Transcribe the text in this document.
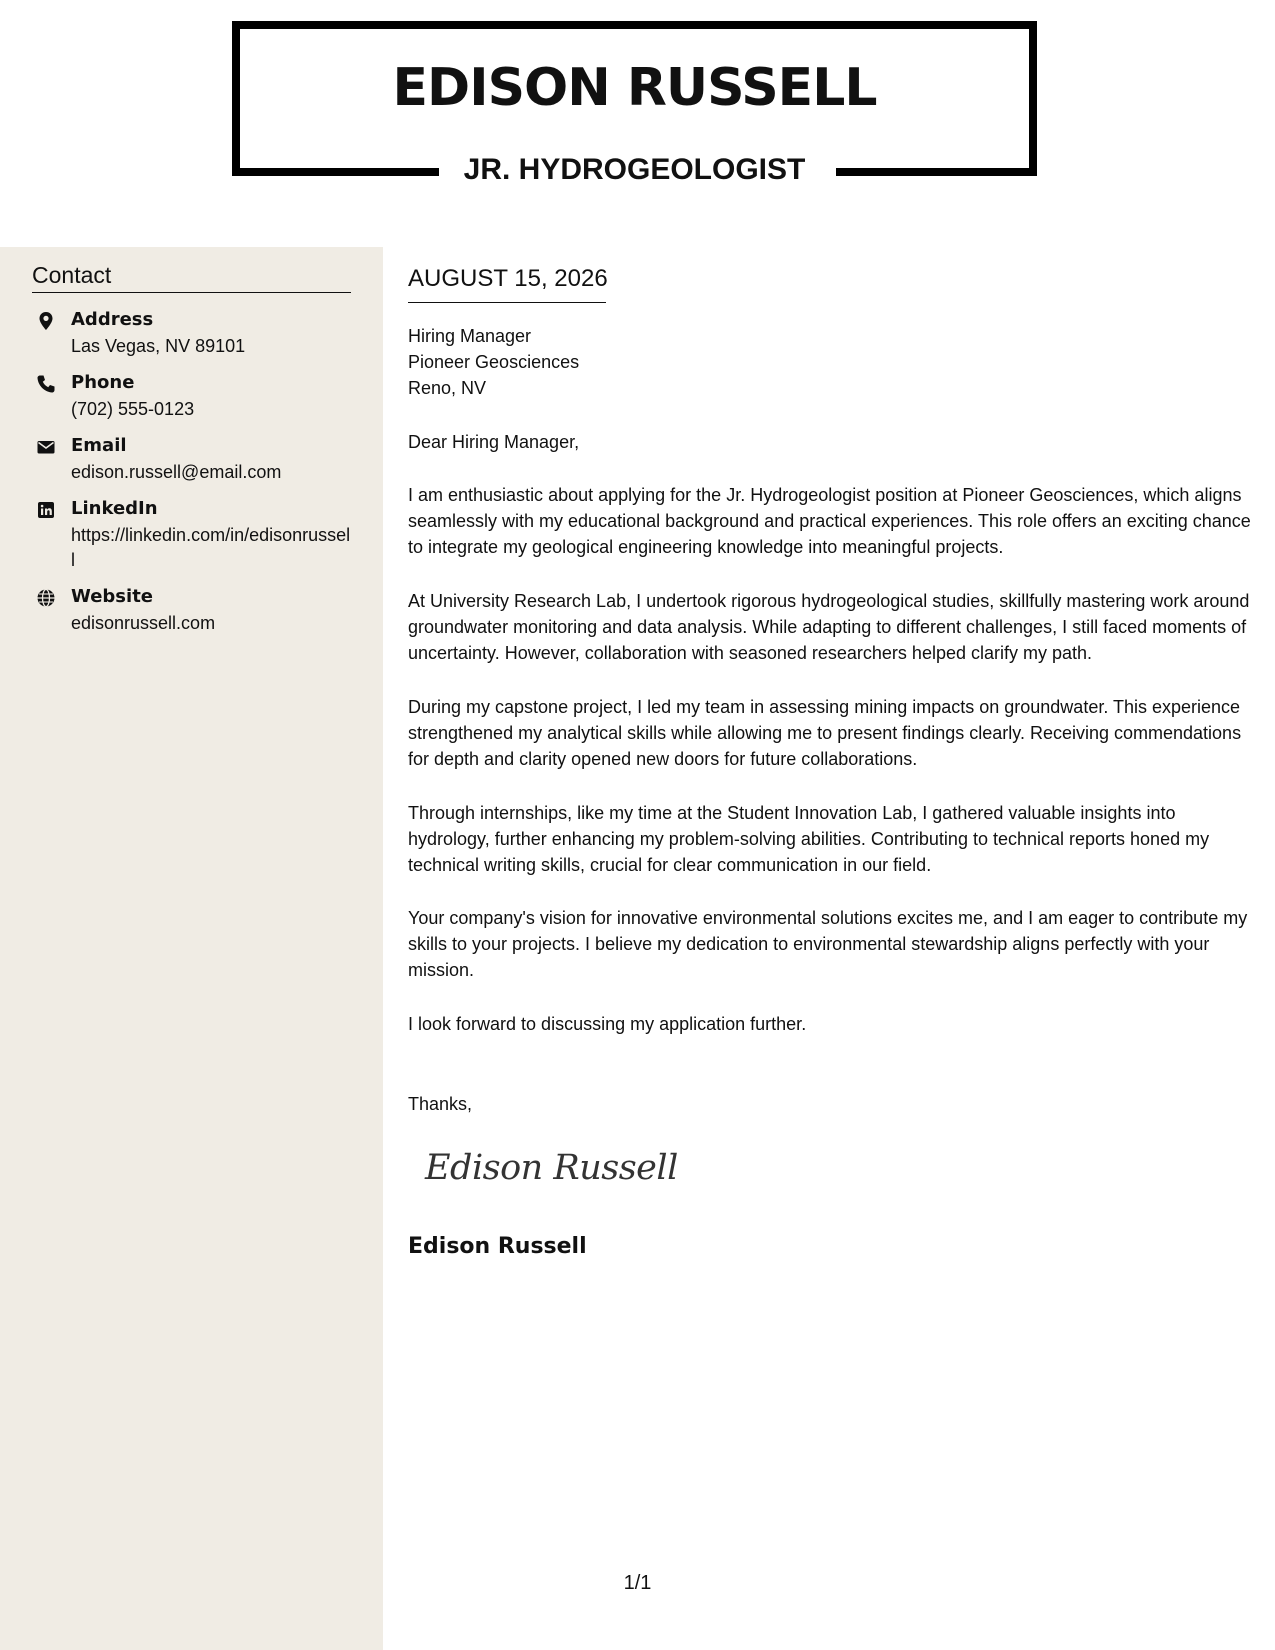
EDISON RUSSELL
JR. HYDROGEOLOGIST
Contact
Address
Las Vegas, NV 89101
Phone
(702) 555-0123
Email
edison.russell@email.com
LinkedIn
https://linkedin.com/in/edisonrussell
Website
edisonrussell.com
AUGUST 15, 2026
Hiring Manager
Pioneer Geosciences
Reno, NV

Dear Hiring Manager,

I am enthusiastic about applying for the Jr. Hydrogeologist position at Pioneer Geosciences, which aligns seamlessly with my educational background and practical experiences. This role offers an exciting chance to integrate my geological engineering knowledge into meaningful projects.

At University Research Lab, I undertook rigorous hydrogeological studies, skillfully mastering work around groundwater monitoring and data analysis. While adapting to different challenges, I still faced moments of uncertainty. However, collaboration with seasoned researchers helped clarify my path.

During my capstone project, I led my team in assessing mining impacts on groundwater. This experience strengthened my analytical skills while allowing me to present findings clearly. Receiving commendations for depth and clarity opened new doors for future collaborations.

Through internships, like my time at the Student Innovation Lab, I gathered valuable insights into hydrology, further enhancing my problem-solving abilities. Contributing to technical reports honed my technical writing skills, crucial for clear communication in our field.

Your company's vision for innovative environmental solutions excites me, and I am eager to contribute my skills to your projects. I believe my dedication to environmental stewardship aligns perfectly with your mission.

I look forward to discussing my application further.

Thanks,

Edison Russell
Edison Russell
1/1
